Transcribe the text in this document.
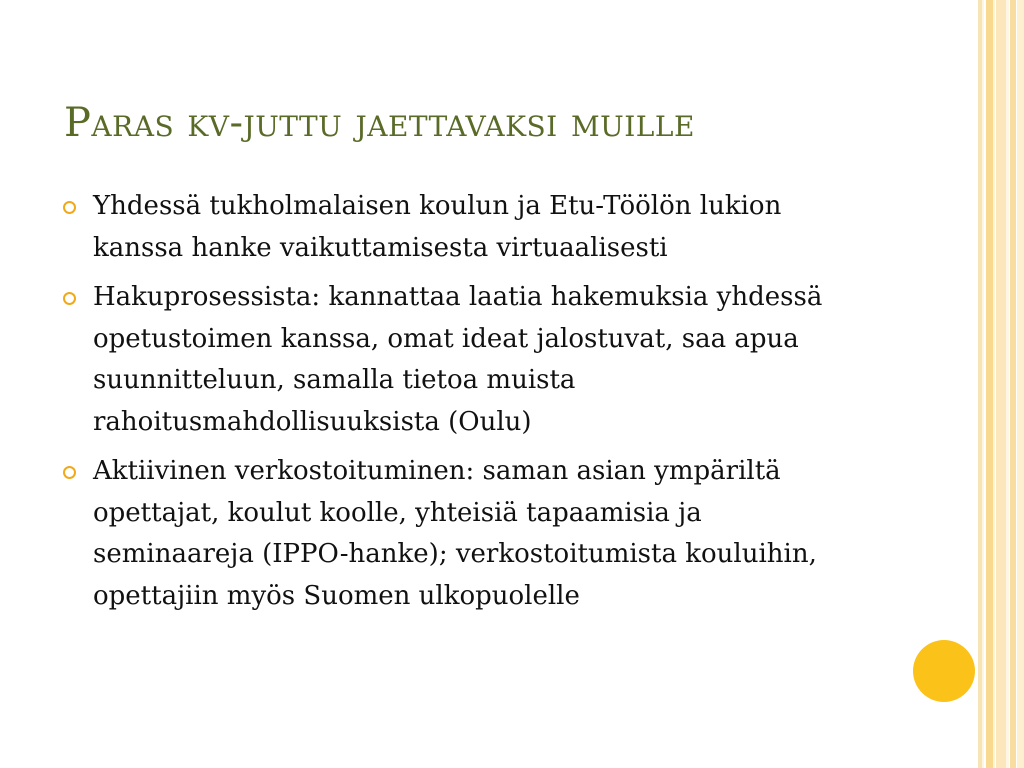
Paras kv-juttu jaettavaksi muille
Yhdessä tukholmalaisen koulun ja Etu-Töölön lukion kanssa hanke vaikuttamisesta virtuaalisesti
Hakuprosessista: kannattaa laatia hakemuksia yhdessä opetustoimen kanssa, omat ideat jalostuvat, saa apua suunnitteluun, samalla tietoa muista rahoitusmahdollisuuksista (Oulu)
Aktiivinen verkostoituminen: saman asian ympäriltä opettajat, koulut koolle, yhteisiä tapaamisia ja seminaareja (IPPO-hanke); verkostoitumista kouluihin, opettajiin myös Suomen ulkopuolelle
